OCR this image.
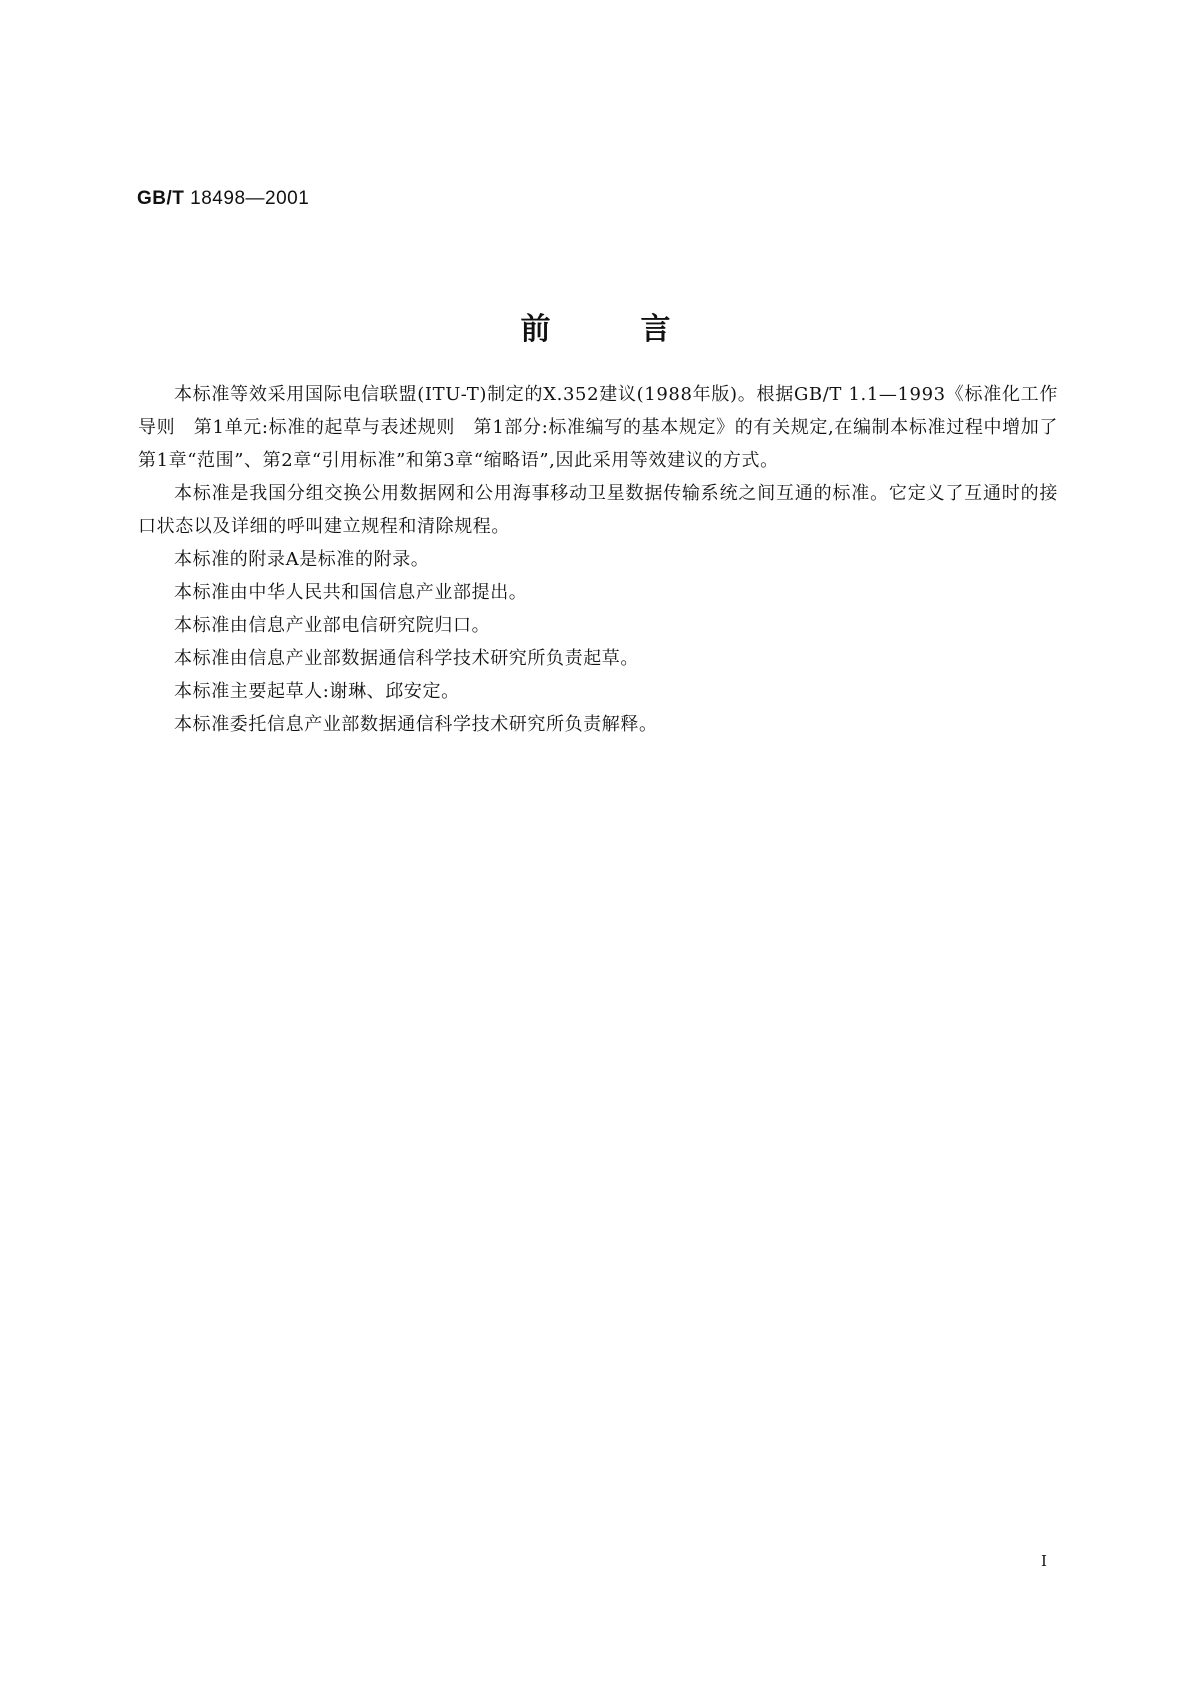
GB/T 18498—2001
前言

本标准等效采用国际电信联盟(ITU-T)制定的X.352建议(1988年版)。根据GB/T 1.1—1993《标准化工作导则　第1单元:标准的起草与表述规则　第1部分:标准编写的基本规定》的有关规定,在编制本标准过程中增加了第1章“范围”、第2章“引用标准”和第3章“缩略语”,因此采用等效建议的方式。

本标准是我国分组交换公用数据网和公用海事移动卫星数据传输系统之间互通的标准。它定义了互通时的接口状态以及详细的呼叫建立规程和清除规程。

本标准的附录A是标准的附录。

本标准由中华人民共和国信息产业部提出。

本标准由信息产业部电信研究院归口。

本标准由信息产业部数据通信科学技术研究所负责起草。

本标准主要起草人:谢琳、邱安定。

本标准委托信息产业部数据通信科学技术研究所负责解释。

I
